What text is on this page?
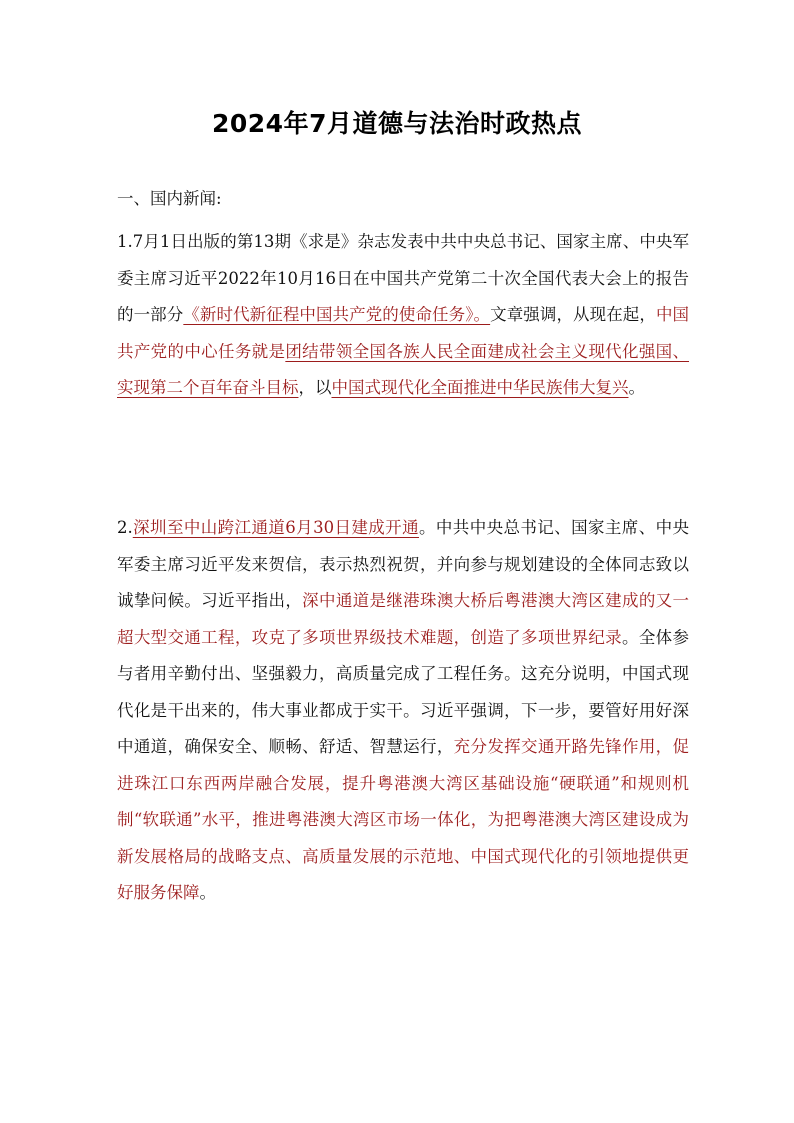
2024年7月道德与法治时政热点
一、国内新闻:
1.7月1日出版的第13期《求是》杂志发表中共中央总书记、国家主席、中央军委主席习近平2022年10月16日在中国共产党第二十次全国代表大会上的报告的一部分《新时代新征程中国共产党的使命任务》。文章强调，从现在起，中国共产党的中心任务就是团结带领全国各族人民全面建成社会主义现代化强国、实现第二个百年奋斗目标，以中国式现代化全面推进中华民族伟大复兴。
2.深圳至中山跨江通道6月30日建成开通。中共中央总书记、国家主席、中央军委主席习近平发来贺信，表示热烈祝贺，并向参与规划建设的全体同志致以诚挚问候。习近平指出，深中通道是继港珠澳大桥后粤港澳大湾区建成的又一超大型交通工程，攻克了多项世界级技术难题，创造了多项世界纪录。全体参与者用辛勤付出、坚强毅力，高质量完成了工程任务。这充分说明，中国式现代化是干出来的，伟大事业都成于实干。习近平强调，下一步，要管好用好深中通道，确保安全、顺畅、舒适、智慧运行，充分发挥交通开路先锋作用，促进珠江口东西两岸融合发展，提升粤港澳大湾区基础设施“硬联通”和规则机制“软联通”水平，推进粤港澳大湾区市场一体化，为把粤港澳大湾区建设成为新发展格局的战略支点、高质量发展的示范地、中国式现代化的引领地提供更好服务保障。
